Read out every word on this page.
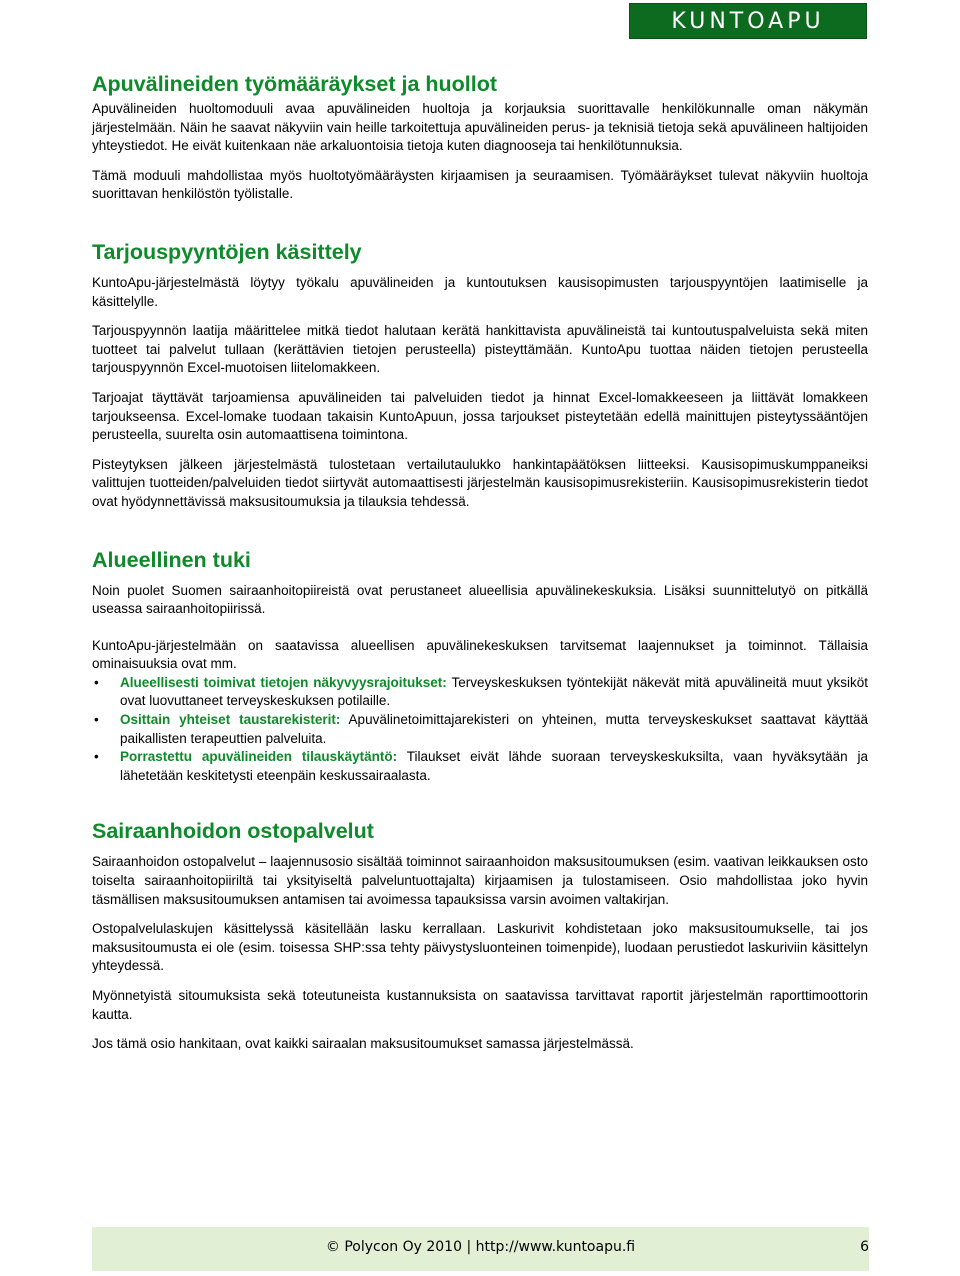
KUNTOAPU
Apuvälineiden työmääräykset ja huollot

Apuvälineiden huoltomoduuli avaa apuvälineiden huoltoja ja korjauksia suorittavalle henkilökunnalle oman näkymän järjestelmään. Näin he saavat näkyviin vain heille tarkoitettuja apuvälineiden perus- ja teknisiä tietoja sekä apuvälineen haltijoiden yhteystiedot. He eivät kuitenkaan näe arkaluontoisia tietoja kuten diagnooseja tai henkilötunnuksia.

Tämä moduuli mahdollistaa myös huoltotyömääräysten kirjaamisen ja seuraamisen. Työmääräykset tulevat näkyviin huoltoja suorittavan henkilöstön työlistalle.

Tarjouspyyntöjen käsittely

KuntoApu-järjestelmästä löytyy työkalu apuvälineiden ja kuntoutuksen kausisopimusten tarjouspyyntöjen laatimiselle ja käsittelylle.

Tarjouspyynnön laatija määrittelee mitkä tiedot halutaan kerätä hankittavista apuvälineistä tai kuntoutuspalveluista sekä miten tuotteet tai palvelut tullaan (kerättävien tietojen perusteella) pisteyttämään. KuntoApu tuottaa näiden tietojen perusteella tarjouspyynnön Excel-muotoisen liitelomakkeen.

Tarjoajat täyttävät tarjoamiensa apuvälineiden tai palveluiden tiedot ja hinnat Excel-lomakkeeseen ja liittävät lomakkeen tarjoukseensa. Excel-lomake tuodaan takaisin KuntoApuun, jossa tarjoukset pisteytetään edellä mainittujen pisteytyssääntöjen perusteella, suurelta osin automaattisena toimintona.

Pisteytyksen jälkeen järjestelmästä tulostetaan vertailutaulukko hankintapäätöksen liitteeksi. Kausisopimuskumppaneiksi valittujen tuotteiden/palveluiden tiedot siirtyvät automaattisesti järjestelmän kausisopimusrekisteriin. Kausisopimusrekisterin tiedot ovat hyödynnettävissä maksusitoumuksia ja tilauksia tehdessä.

Alueellinen tuki

Noin puolet Suomen sairaanhoitopiireistä ovat perustaneet alueellisia apuvälinekeskuksia. Lisäksi suunnittelutyö on pitkällä useassa sairaanhoitopiirissä.

KuntoApu-järjestelmään on saatavissa alueellisen apuvälinekeskuksen tarvitsemat laajennukset ja toiminnot. Tällaisia ominaisuuksia ovat mm.

• Alueellisesti toimivat tietojen näkyvyysrajoitukset: Terveyskeskuksen työntekijät näkevät mitä apuvälineitä muut yksiköt ovat luovuttaneet terveyskeskuksen potilaille.
• Osittain yhteiset taustarekisterit: Apuvälinetoimittajarekisteri on yhteinen, mutta terveyskeskukset saattavat käyttää paikallisten terapeuttien palveluita.
• Porrastettu apuvälineiden tilauskäytäntö: Tilaukset eivät lähde suoraan terveyskeskuksilta, vaan hyväksytään ja lähetetään keskitetysti eteenpäin keskussairaalasta.
Sairaanhoidon ostopalvelut

Sairaanhoidon ostopalvelut – laajennusosio sisältää toiminnot sairaanhoidon maksusitoumuksen (esim. vaativan leikkauksen osto toiselta sairaanhoitopiiriltä tai yksityiseltä palveluntuottajalta) kirjaamisen ja tulostamiseen. Osio mahdollistaa joko hyvin täsmällisen maksusitoumuksen antamisen tai avoimessa tapauksissa varsin avoimen valtakirjan.

Ostopalvelulaskujen käsittelyssä käsitellään lasku kerrallaan. Laskurivit kohdistetaan joko maksusitoumukselle, tai jos maksusitoumusta ei ole (esim. toisessa SHP:ssa tehty päivystysluonteinen toimenpide), luodaan perustiedot laskuriviin käsittelyn yhteydessä.

Myönnetyistä sitoumuksista sekä toteutuneista kustannuksista on saatavissa tarvittavat raportit järjestelmän raporttimoottorin kautta.

Jos tämä osio hankitaan, ovat kaikki sairaalan maksusitoumukset samassa järjestelmässä.

© Polycon Oy 2010 | http://www.kuntoapu.fi	6
